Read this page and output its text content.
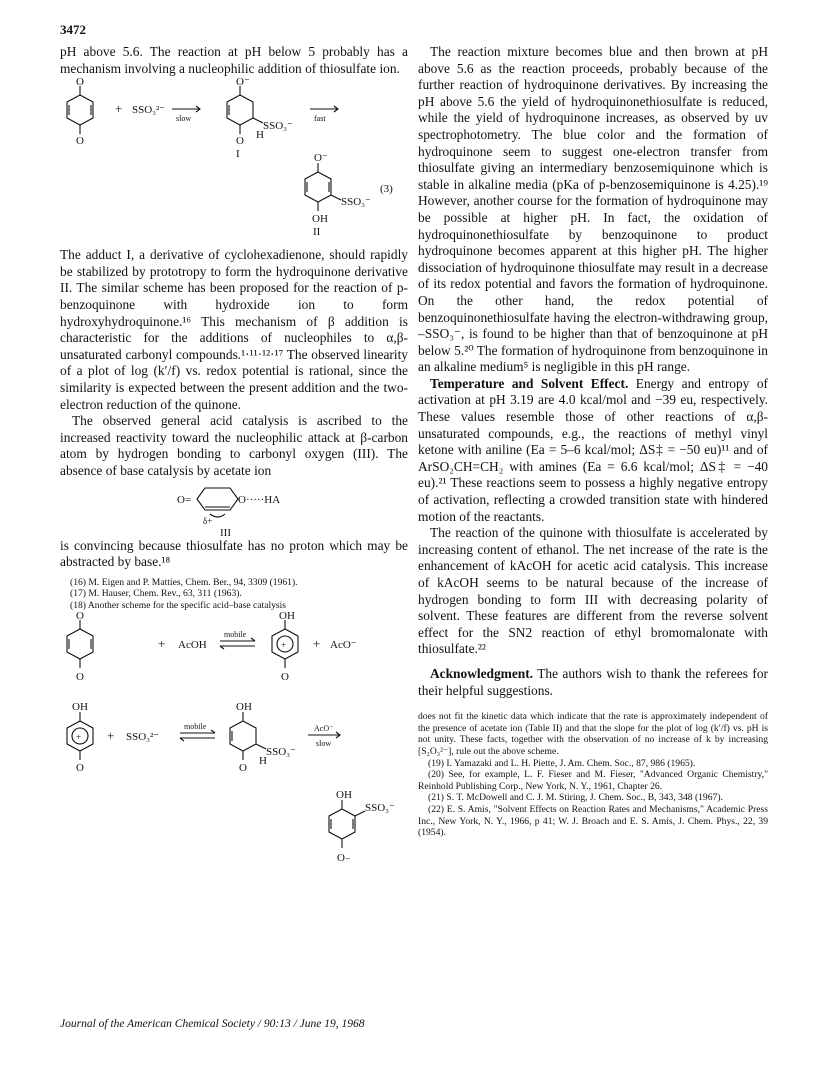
3472

pH above 5.6. The reaction at pH below 5 probably has a mechanism involving a nucleophilic addition of thiosulfate ion.

O
O
+ SSO₃²⁻
slow
O⁻
O
SSO₃⁻
H
I
fast
O⁻
SSO₃⁻
OH
II
(3)

The adduct I, a derivative of cyclohexadienone, should rapidly be stabilized by prototropy to form the hydroquinone derivative II. The similar scheme has been proposed for the reaction of p-benzoquinone with hydroxide ion to form hydroxyhydroquinone.¹⁶ This mechanism of β addition is characteristic for the additions of nucleophiles to α,β-unsaturated carbonyl compounds.¹·¹¹·¹²·¹⁷ The observed linearity of a plot of log (k′/f) vs. redox potential is rational, since the similarity is expected between the present addition and the two-electron reduction of the quinone.

The observed general acid catalysis is ascribed to the increased reactivity toward the nucleophilic attack at β-carbon atom by hydrogen bonding to carbonyl oxygen (III). The absence of base catalysis by acetate ion

O=	O·····HA
δ+
III

is convincing because thiosulfate has no proton which may be abstracted by base.¹⁸

(16) M. Eigen and P. Matties, Chem. Ber., 94, 3309 (1961).

(17) M. Hauser, Chem. Rev., 63, 311 (1963).

(18) Another scheme for the specific acid–base catalysis

O
O
+ AcOH
mobile
OH
+
O
+ AcO⁻
OH
+
O
+ SSO₃²⁻
mobile
OH
SSO₃⁻
H
O
AcO⁻
slow
OH
SSO₃⁻
O₋

The reaction mixture becomes blue and then brown at pH above 5.6 as the reaction proceeds, probably because of the further reaction of hydroquinone derivatives. By increasing the pH above 5.6 the yield of hydroquinonethiosulfate is reduced, while the yield of hydroquinone increases, as observed by uv spectrophotometry. The blue color and the formation of hydroquinone seem to suggest one-electron transfer from thiosulfate giving an intermediary benzosemiquinone which is stable in alkaline media (pKa of p-benzosemiquinone is 4.25).¹⁹ However, another course for the formation of hydroquinone may be possible at higher pH. In fact, the oxidation of hydroquinonethiosulfate by benzoquinone to product hydroquinone becomes apparent at this higher pH. The higher dissociation of hydroquinone thiosulfate may result in a decrease of its redox potential and favors the formation of hydroquinone. On the other hand, the redox potential of benzoquinonethiosulfate having the electron-withdrawing group, –SSO₃⁻, is found to be higher than that of benzoquinone at pH below 5.²⁰ The formation of hydroquinone from benzoquinone in an alkaline medium⁵ is negligible in this pH range.

Temperature and Solvent Effect. Energy and entropy of activation at pH 3.19 are 4.0 kcal/mol and −39 eu, respectively. These values resemble those of other reactions of α,β-unsaturated compounds, e.g., the reactions of methyl vinyl ketone with aniline (Ea = 5–6 kcal/mol; ΔS‡ = −50 eu)¹¹ and of ArSO₂CH=CH₂ with amines (Ea = 6.6 kcal/mol; ΔS‡ = −40 eu).²¹ These reactions seem to possess a highly negative entropy of activation, reflecting a crowded transition state with hindered motion of the reactants.

The reaction of the quinone with thiosulfate is accelerated by increasing content of ethanol. The net increase of the rate is the enhancement of kAcOH for acetic acid catalysis. This increase of kAcOH seems to be natural because of the increase of hydrogen bonding to form III with decreasing polarity of solvent. These features are different from the reverse solvent effect for the SN2 reaction of ethyl bromomalonate with thiosulfate.²²

Acknowledgment. The authors wish to thank the referees for their helpful suggestions.

does not fit the kinetic data which indicate that the rate is approximately independent of the presence of acetate ion (Table II) and that the slope for the plot of log (k′/f) vs. pH is not unity. These facts, together with the observation of no increase of k by increasing [S₂O₃²⁻], rule out the above scheme.

(19) I. Yamazaki and L. H. Piette, J. Am. Chem. Soc., 87, 986 (1965).

(20) See, for example, L. F. Fieser and M. Fieser, "Advanced Organic Chemistry," Reinhold Publishing Corp., New York, N. Y., 1961, Chapter 26.

(21) S. T. McDowell and C. J. M. Stiring, J. Chem. Soc., B, 343, 348 (1967).

(22) E. S. Amis, "Solvent Effects on Reaction Rates and Mechanisms," Academic Press Inc., New York, N. Y., 1966, p 41; W. J. Broach and E. S. Amis, J. Chem. Phys., 22, 39 (1954).

Journal of the American Chemical Society / 90:13 / June 19, 1968
